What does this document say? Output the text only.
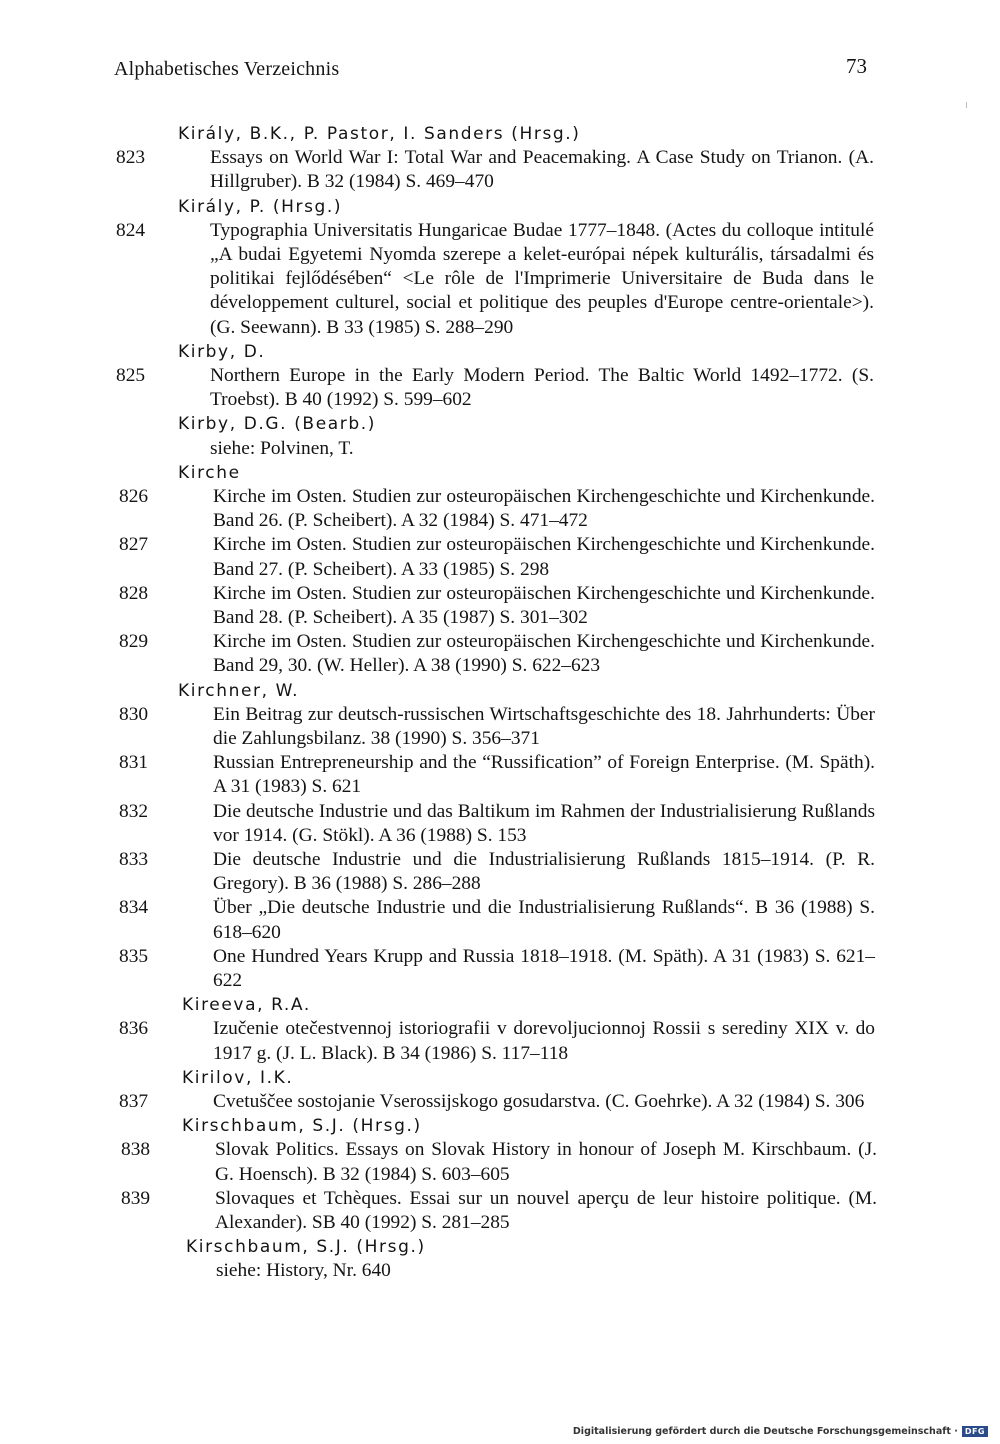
Alphabetisches Verzeichnis	73
Király, B.K., P. Pastor, I. Sanders (Hrsg.)
823	Essays on World War I: Total War and Peacemaking. A Case Study on Trianon. (A. Hillgruber). B 32 (1984) S. 469–470
Király, P. (Hrsg.)
824	Typographia Universitatis Hungaricae Budae 1777–1848. (Actes du colloque intitulé „A budai Egyetemi Nyomda szerepe a kelet-európai népek kulturális, társadalmi és politikai fejlődésében“ <Le rôle de l'Imprimerie Universitaire de Buda dans le développement culturel, social et politique des peuples d'Europe centre-orientale>). (G. Seewann). B 33 (1985) S. 288–290
Kirby, D.
825	Northern Europe in the Early Modern Period. The Baltic World 1492–1772. (S. Troebst). B 40 (1992) S. 599–602
Kirby, D.G. (Bearb.)
siehe: Polvinen, T.
Kirche
826	Kirche im Osten. Studien zur osteuropäischen Kirchengeschichte und Kirchenkunde. Band 26. (P. Scheibert). A 32 (1984) S. 471–472
827	Kirche im Osten. Studien zur osteuropäischen Kirchengeschichte und Kirchenkunde. Band 27. (P. Scheibert). A 33 (1985) S. 298
828	Kirche im Osten. Studien zur osteuropäischen Kirchengeschichte und Kirchenkunde. Band 28. (P. Scheibert). A 35 (1987) S. 301–302
829	Kirche im Osten. Studien zur osteuropäischen Kirchengeschichte und Kirchenkunde. Band 29, 30. (W. Heller). A 38 (1990) S. 622–623
Kirchner, W.
830	Ein Beitrag zur deutsch-russischen Wirtschaftsgeschichte des 18. Jahrhunderts: Über die Zahlungsbilanz. 38 (1990) S. 356–371
831	Russian Entrepreneurship and the “Russification” of Foreign Enterprise. (M. Späth). A 31 (1983) S. 621
832	Die deutsche Industrie und das Baltikum im Rahmen der Industrialisierung Rußlands vor 1914. (G. Stökl). A 36 (1988) S. 153
833	Die deutsche Industrie und die Industrialisierung Rußlands 1815–1914. (P. R. Gregory). B 36 (1988) S. 286–288
834	Über „Die deutsche Industrie und die Industrialisierung Rußlands“. B 36 (1988) S. 618–620
835	One Hundred Years Krupp and Russia 1818–1918. (M. Späth). A 31 (1983) S. 621–622
Kireeva, R.A.
836	Izučenie otečestvennoj istoriografii v dorevoljucionnoj Rossii s serediny XIX v. do 1917 g. (J. L. Black). B 34 (1986) S. 117–118
Kirilov, I.K.
837	Cvetuščee sostojanie Vserossijskogo gosudarstva. (C. Goehrke). A 32 (1984) S. 306
Kirschbaum, S.J. (Hrsg.)
838	Slovak Politics. Essays on Slovak History in honour of Joseph M. Kirschbaum. (J. G. Hoensch). B 32 (1984) S. 603–605
839	Slovaques et Tchèques. Essai sur un nouvel aperçu de leur histoire politique. (M. Alexander). SB 40 (1992) S. 281–285
Kirschbaum, S.J. (Hrsg.)
siehe: History, Nr. 640
Digitalisierung gefördert durch die Deutsche Forschungsgemeinschaft · DFG
